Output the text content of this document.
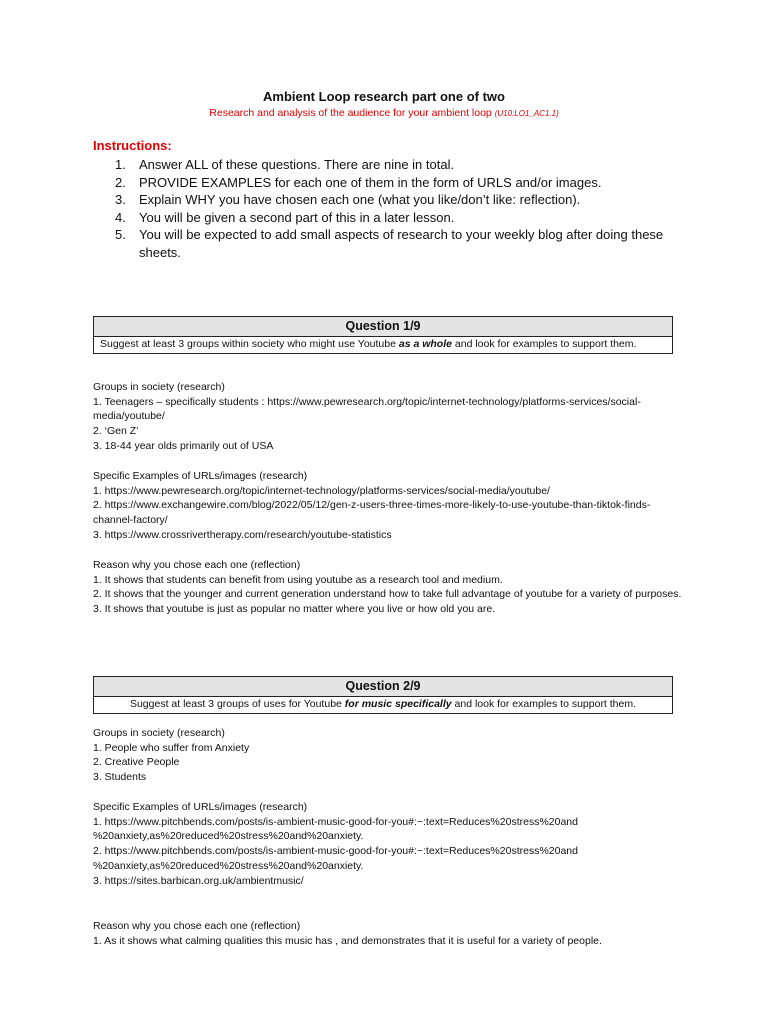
Ambient Loop research part one of two
Research and analysis of the audience for your ambient loop (U10:LO1_AC1.1)
Instructions:
1. Answer ALL of these questions. There are nine in total.
2. PROVIDE EXAMPLES for each one of them in the form of URLS and/or images.
3. Explain WHY you have chosen each one (what you like/don’t like: reflection).
4. You will be given a second part of this in a later lesson.
5. You will be expected to add small aspects of research to your weekly blog after doing these sheets.
Question 1/9
Suggest at least 3 groups within society who might use Youtube as a whole and look for examples to support them.
Groups in society (research)
1. Teenagers – specifically students : https://www.pewresearch.org/topic/internet-technology/platforms-services/social-media/youtube/
2. ‘Gen Z’
3. 18-44 year olds primarily out of USA
Specific Examples of URLs/images (research)
1. https://www.pewresearch.org/topic/internet-technology/platforms-services/social-media/youtube/
2. https://www.exchangewire.com/blog/2022/05/12/gen-z-users-three-times-more-likely-to-use-youtube-than-tiktok-finds-channel-factory/
3. https://www.crossrivertherapy.com/research/youtube-statistics
Reason why you chose each one (reflection)
1. It shows that students can benefit from using youtube as a research tool and medium.
2. It shows that the younger and current generation understand how to take full advantage of youtube for a variety of purposes.
3. It shows that youtube is just as popular no matter where you live or how old you are.
Question 2/9
Suggest at least 3 groups of uses for Youtube for music specifically and look for examples to support them.
Groups in society (research)
1. People who suffer from Anxiety
2. Creative People
3. Students
Specific Examples of URLs/images (research)
1. https://www.pitchbends.com/posts/is-ambient-music-good-for-you#:~:text=Reduces%20stress%20and %20anxiety,as%20reduced%20stress%20and%20anxiety.
2. https://www.pitchbends.com/posts/is-ambient-music-good-for-you#:~:text=Reduces%20stress%20and %20anxiety,as%20reduced%20stress%20and%20anxiety.
3. https://sites.barbican.org.uk/ambientmusic/
Reason why you chose each one (reflection)
1. As it shows what calming qualities this music has , and demonstrates that it is useful for a variety of people.
